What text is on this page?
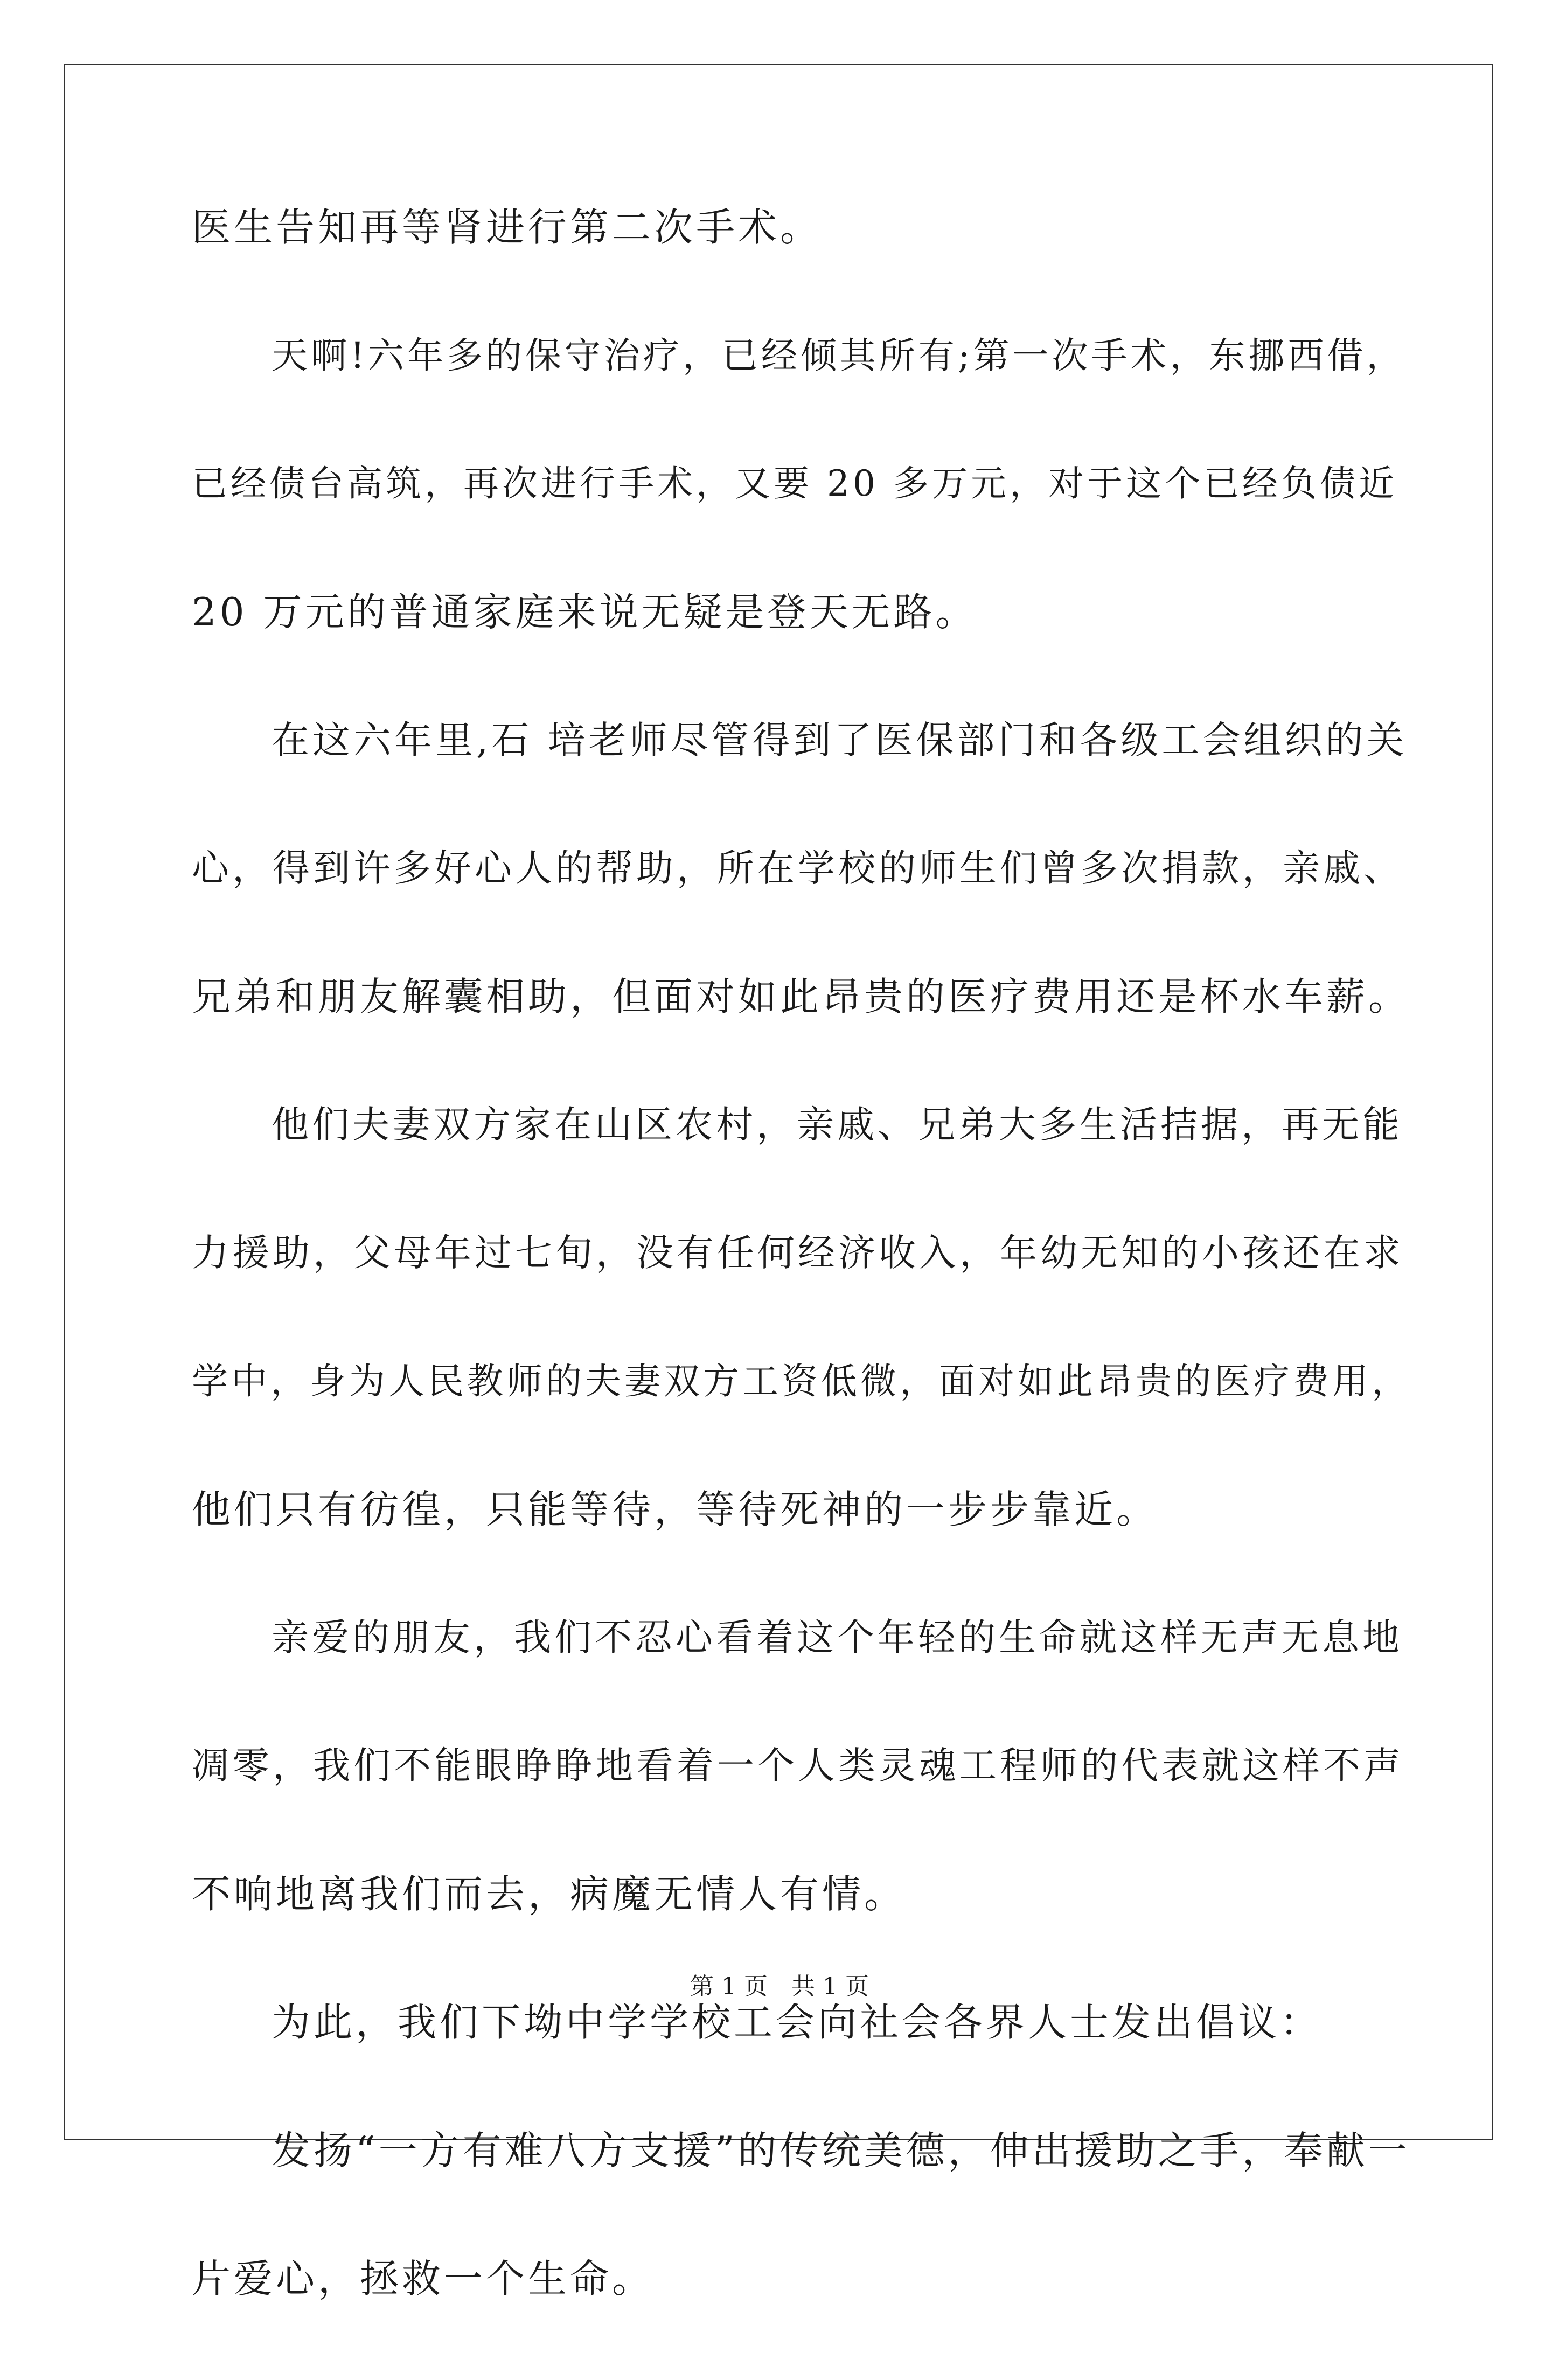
医生告知再等肾进行第二次手术。
天啊!六年多的保守治疗，已经倾其所有;第一次手术，东挪西借，
已经债台高筑，再次进行手术，又要 20 多万元，对于这个已经负债近
20 万元的普通家庭来说无疑是登天无路。
在这六年里,石 培老师尽管得到了医保部门和各级工会组织的关
心，得到许多好心人的帮助，所在学校的师生们曾多次捐款，亲戚、
兄弟和朋友解囊相助，但面对如此昂贵的医疗费用还是杯水车薪。
他们夫妻双方家在山区农村，亲戚、兄弟大多生活拮据，再无能
力援助，父母年过七旬，没有任何经济收入，年幼无知的小孩还在求
学中，身为人民教师的夫妻双方工资低微，面对如此昂贵的医疗费用，
他们只有彷徨，只能等待，等待死神的一步步靠近。
亲爱的朋友，我们不忍心看着这个年轻的生命就这样无声无息地
凋零，我们不能眼睁睁地看着一个人类灵魂工程师的代表就这样不声
不响地离我们而去，病魔无情人有情。
为此，我们下坳中学学校工会向社会各界人士发出倡议：
发扬“一方有难八方支援”的传统美德，伸出援助之手，奉献一
片爱心，拯救一个生命。
第 1 页　共 1 页
